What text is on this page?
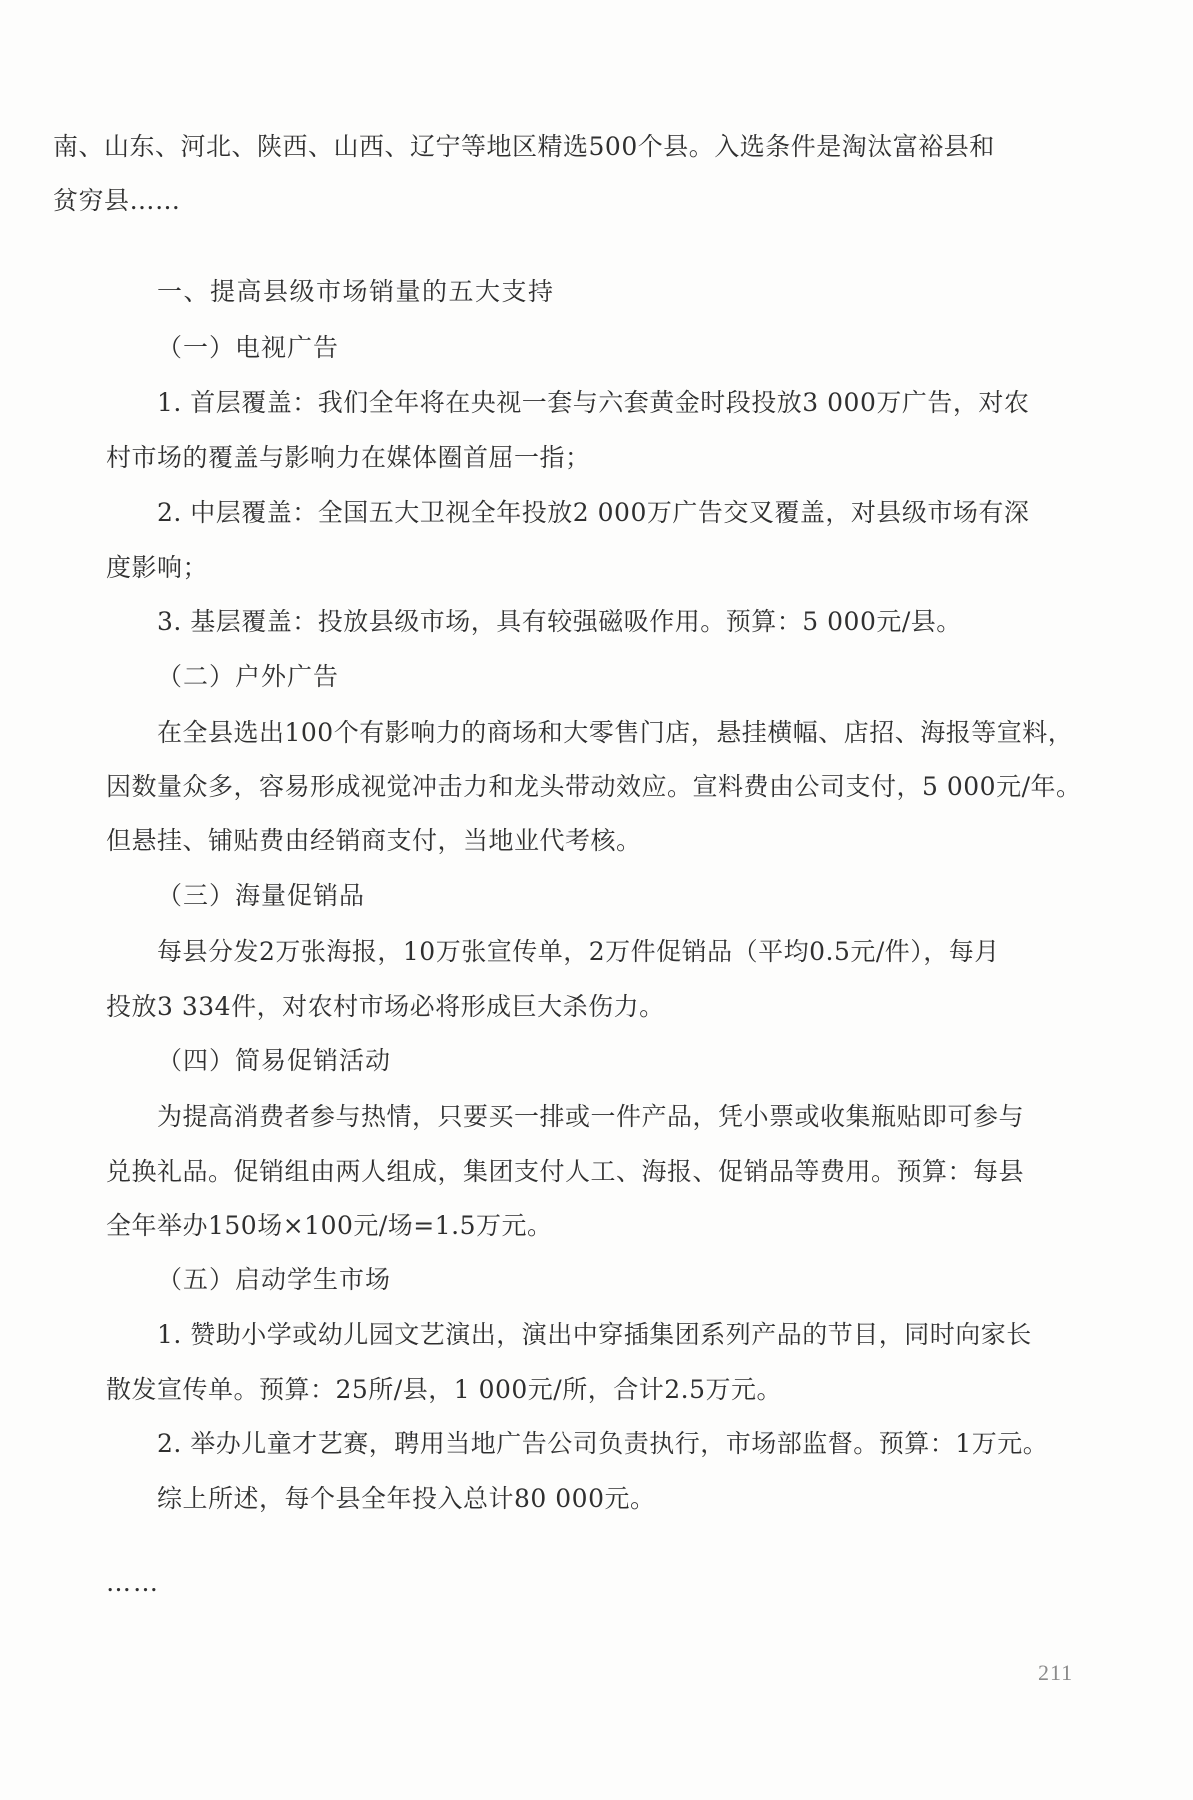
南、山东、河北、陕西、山西、辽宁等地区精选500个县。入选条件是淘汰富裕县和
贫穷县……
一、提高县级市场销量的五大支持
（一）电视广告
1. 首层覆盖：我们全年将在央视一套与六套黄金时段投放3 000万广告，对农
村市场的覆盖与影响力在媒体圈首屈一指；
2. 中层覆盖：全国五大卫视全年投放2 000万广告交叉覆盖，对县级市场有深
度影响；
3. 基层覆盖：投放县级市场，具有较强磁吸作用。预算：5 000元/县。
（二）户外广告
在全县选出100个有影响力的商场和大零售门店，悬挂横幅、店招、海报等宣料，
因数量众多，容易形成视觉冲击力和龙头带动效应。宣料费由公司支付，5 000元/年。
但悬挂、铺贴费由经销商支付，当地业代考核。
（三）海量促销品
每县分发2万张海报，10万张宣传单，2万件促销品（平均0.5元/件），每月
投放3 334件，对农村市场必将形成巨大杀伤力。
（四）简易促销活动
为提高消费者参与热情，只要买一排或一件产品，凭小票或收集瓶贴即可参与
兑换礼品。促销组由两人组成，集团支付人工、海报、促销品等费用。预算：每县
全年举办150场×100元/场=1.5万元。
（五）启动学生市场
1. 赞助小学或幼儿园文艺演出，演出中穿插集团系列产品的节目，同时向家长
散发宣传单。预算：25所/县，1 000元/所，合计2.5万元。
2. 举办儿童才艺赛，聘用当地广告公司负责执行，市场部监督。预算：1万元。
综上所述，每个县全年投入总计80 000元。
……
211
